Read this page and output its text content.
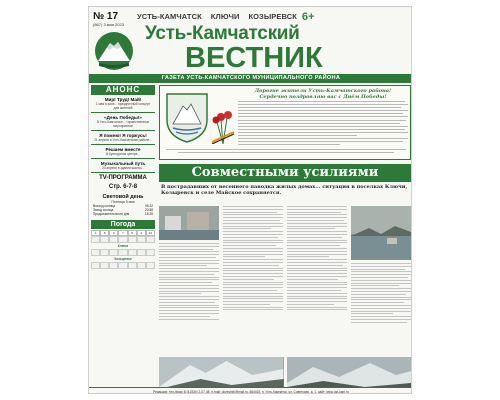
№ 17
(867) 3 мая 2023
УСТЬ-КАМЧАТСК КЛЮЧИ КОЗЫРЕВСК 6+
Усть-Камчатский
ВЕСТНИК
ГАЗЕТА УСТЬ-КАМЧАТСКОГО МУНИЦИПАЛЬНОГО РАЙОНА
АНОНС
Мир! Труд! Май!
1 мая в зале... праздничный концерт для жителей
«День Победы!»
В Усть-Камчатске... торжественные мероприятия
Я помню! Я горжусь!
21 апреля в Усть-Камчатском районе...
Решаем вместе
В Культурном центре...
Музыкальный путь
20 апреля в здании школы...
TV-ПРОГРАММА
Стр. 6-7-8
Световой день
Пятница 5 мая
Восход солнца	05:32
Заход солнца	20:58
Продолжительность дня	15:26
Погода
4	5	6	7	8	9	10
Ключи
Козыревск
Дорогие жители Усть-Камчатского района!
Сердечно поздравляю вас с Днём Победы!
Совместными усилиями
В пострадавших от весеннего паводка жилых домах... ситуация в поселках Ключи, Козыревск и селе Майское сохраняется.
Редакция: тел./факс 8 (41534) 2-07-48, e-mail: ukvestnik@mail.ru, 684415, п. Усть-Камчатск, ул. Советская, д. 1, сайт: www.ust-kam.ru
